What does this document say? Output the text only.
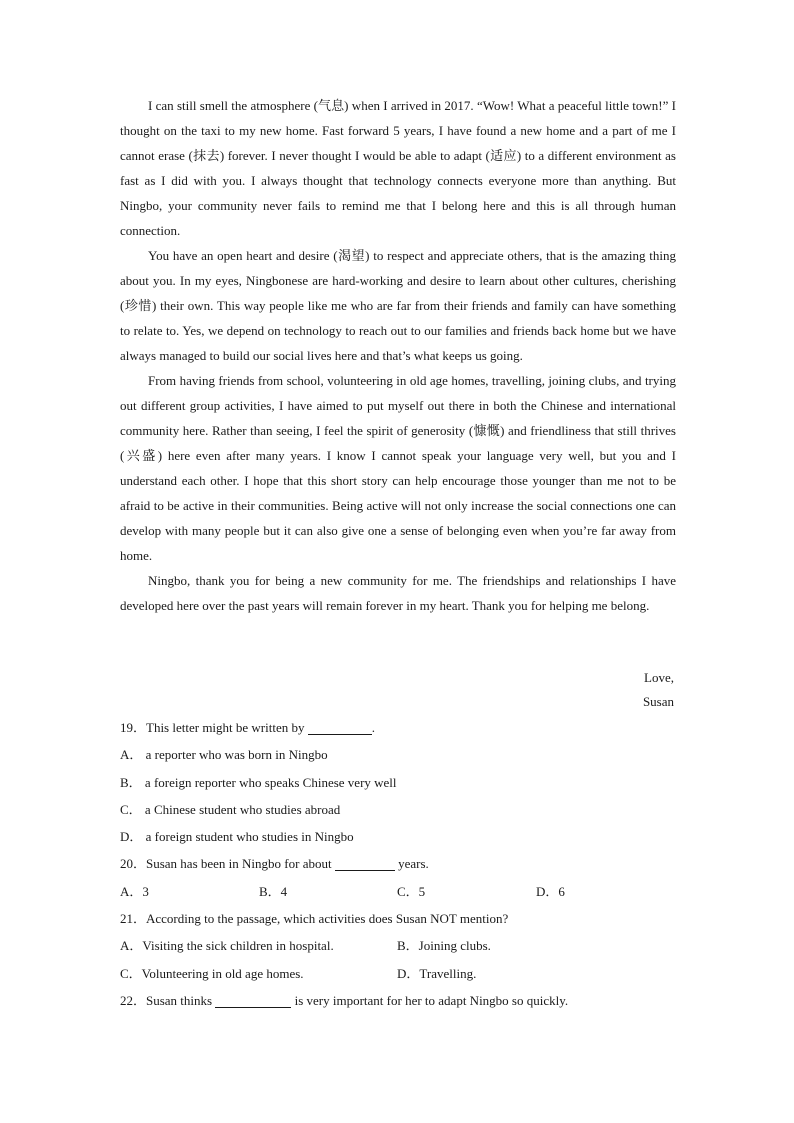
I can still smell the atmosphere (气息) when I arrived in 2017. “Wow! What a peaceful little town!” I thought on the taxi to my new home. Fast forward 5 years, I have found a new home and a part of me I cannot erase (抹去) forever. I never thought I would be able to adapt (适应) to a different environment as fast as I did with you. I always thought that technology connects everyone more than anything. But Ningbo, your community never fails to remind me that I belong here and this is all through human connection.

You have an open heart and desire (渴望) to respect and appreciate others, that is the amazing thing about you. In my eyes, Ningbonese are hard-working and desire to learn about other cultures, cherishing (珍惜) their own. This way people like me who are far from their friends and family can have something to relate to. Yes, we depend on technology to reach out to our families and friends back home but we have always managed to build our social lives here and that’s what keeps us going.

From having friends from school, volunteering in old age homes, travelling, joining clubs, and trying out different group activities, I have aimed to put myself out there in both the Chinese and international community here. Rather than seeing, I feel the spirit of generosity (慷慨) and friendliness that still thrives (兴盛) here even after many years. I know I cannot speak your language very well, but you and I understand each other. I hope that this short story can help encourage those younger than me not to be afraid to be active in their communities. Being active will not only increase the social connections one can develop with many people but it can also give one a sense of belonging even when you’re far away from home.

Ningbo, thank you for being a new community for me. The friendships and relationships I have developed here over the past years will remain forever in my heart. Thank you for helping me belong.

Love,

Susan

19．This letter might be written by	.
A． a reporter who was born in Ningbo
B． a foreign reporter who speaks Chinese very well
C． a Chinese student who studies abroad
D． a foreign student who studies in Ningbo
20．Susan has been in Ningbo for about	years.
A．3	B．4	C．5	D．6
21．According to the passage, which activities does Susan NOT mention?
A．Visiting the sick children in hospital.	B．Joining clubs.
C．Volunteering in old age homes.	D．Travelling.
22．Susan thinks	is very important for her to adapt Ningbo so quickly.
